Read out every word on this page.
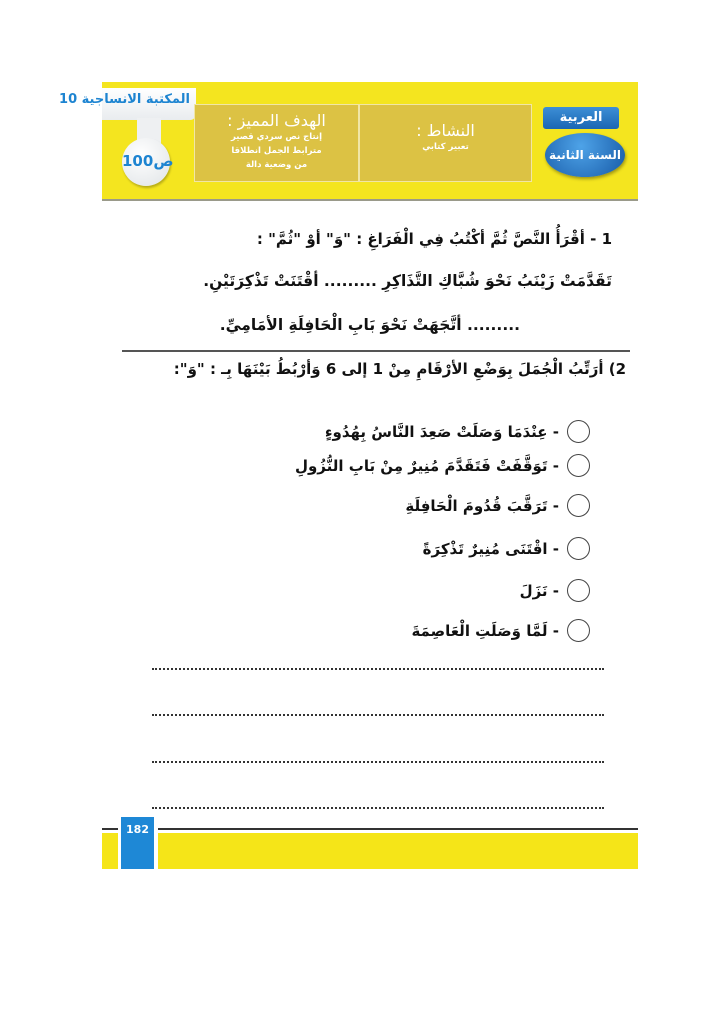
المكتبة الانساجية 10
ص100
الهدف المميز :
إنتاج نص سردي قصير
مترابط الجمل انطلاقا
من وضعية دالة
النشاط :
تعبير كتابي
العربية
السنة الثانية
1 - أقْرَأُ النَّصَّ ثُمَّ أكْتُبُ فِي الْفَرَاغِ : "وَ" أوْ "ثُمَّ" :
تَقَدَّمَتْ زَيْنَبُ نَحْوَ شُبَّاكِ التَّذَاكِرِ ......... أقْتَنَتْ تَذْكِرَتَيْنِ.
......... أتَّجَهَتْ نَحْوَ بَابِ الْحَافِلَةِ الأمَامِيِّ.
2) أرَتِّبُ الْجُمَلَ بِوَضْعِ الأرْقَامِ مِنْ 1 إلى 6 وَأرْبُطُ بَيْنَهَا بِـ : "وَ":
- عِنْدَمَا وَصَلَتْ صَعِدَ النَّاسُ بِهُدُوءٍ
- تَوَقَّفَتْ فَتَقَدَّمَ مُنِيرٌ مِنْ بَابِ النُّزُولِ
- تَرَقَّبَ قُدُومَ الْحَافِلَةِ
- اقْتَنَى مُنِيرٌ تَذْكِرَةً
- نَزَلَ
- لَمَّا وَصَلَتِ الْعَاصِمَةَ
182
